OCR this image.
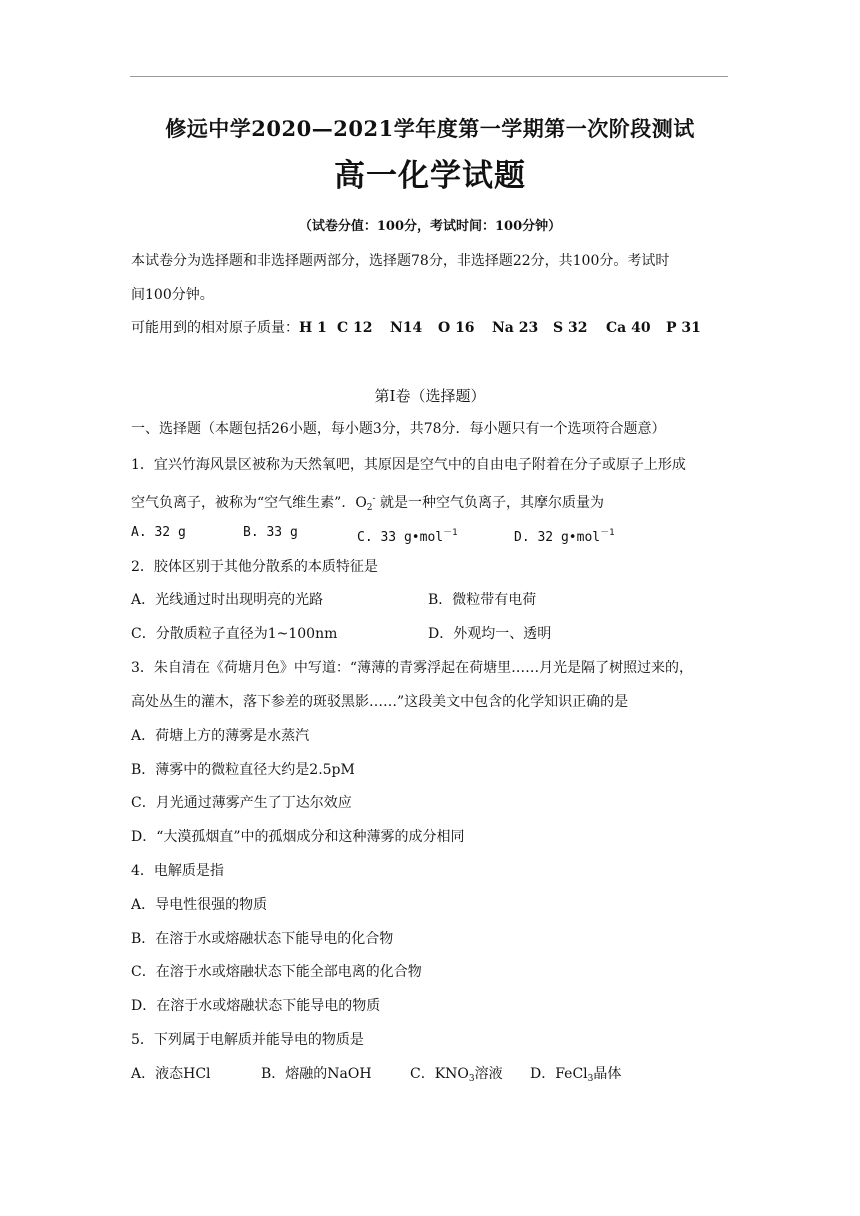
修远中学2020—2021学年度第一学期第一次阶段测试
高一化学试题
（试卷分值：100分，考试时间：100分钟）
本试卷分为选择题和非选择题两部分，选择题78分，非选择题22分，共100分。考试时
间100分钟。
可能用到的相对原子质量：H 1 C 12 N14 O 16 Na 23 S 32 Ca 40 P 31
第Ⅰ卷（选择题）
一、选择题（本题包括26小题，每小题3分，共78分．每小题只有一个选项符合题意）
1．宜兴竹海风景区被称为天然氧吧，其原因是空气中的自由电子附着在分子或原子上形成
空气负离子，被称为“空气维生素”．$O_2^-$ 就是一种空气负离子，其摩尔质量为
A. 32 g	B. 33 g	C. 33 g•mol$^{-1}$	D. 32 g•mol$^{-1}$
2．胶体区别于其他分散系的本质特征是
A．光线通过时出现明亮的光路	B．微粒带有电荷
C．分散质粒子直径为1~100nm	D．外观均一、透明
3．朱自清在《荷塘月色》中写道：“薄薄的青雾浮起在荷塘里……月光是隔了树照过来的，
高处丛生的灌木，落下参差的斑驳黑影……”这段美文中包含的化学知识正确的是
A．荷塘上方的薄雾是水蒸汽
B．薄雾中的微粒直径大约是2.5pM
C．月光通过薄雾产生了丁达尔效应
D．“大漠孤烟直”中的孤烟成分和这种薄雾的成分相同
4．电解质是指
A．导电性很强的物质
B．在溶于水或熔融状态下能导电的化合物
C．在溶于水或熔融状态下能全部电离的化合物
D．在溶于水或熔融状态下能导电的物质
5．下列属于电解质并能导电的物质是
A．液态HCl	B．熔融的NaOH	C．$KNO_3$溶液 D．FeCl$_3$晶体
